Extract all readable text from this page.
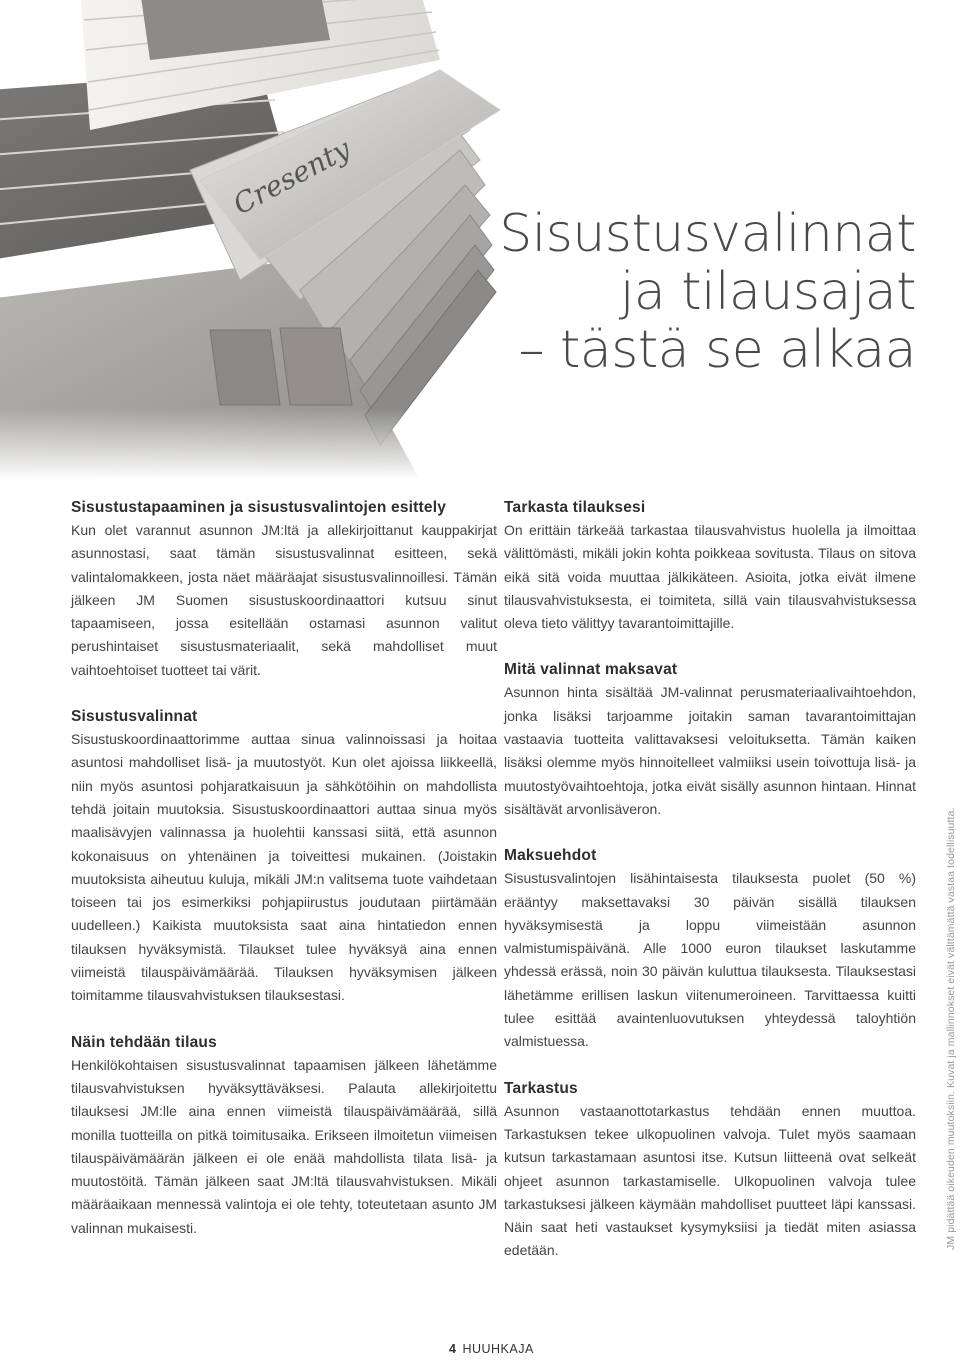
Sisustusvalinnat
ja tilausajat
– tästä se alkaa
Sisustustapaaminen ja sisustusvalintojen esittely

Kun olet varannut asunnon JM:ltä ja allekirjoittanut kauppakirjat asunnostasi, saat tämän sisustusvalinnat esitteen, sekä valintalomakkeen, josta näet määräajat sisustusvalinnoillesi. Tämän jälkeen JM Suomen sisustuskoordinaattori kutsuu sinut tapaamiseen, jossa esitellään ostamasi asunnon valitut perushintaiset sisustusmateriaalit, sekä mahdolliset muut vaihtoehtoiset tuotteet tai värit.

Sisustusvalinnat

Sisustuskoordinaattorimme auttaa sinua valinnoissasi ja hoitaa asuntosi mahdolliset lisä- ja muutostyöt. Kun olet ajoissa liikkeellä, niin myös asuntosi pohjaratkaisuun ja sähkötöihin on mahdollista tehdä joitain muutoksia. Sisustuskoordinaattori auttaa sinua myös maalisävyjen valinnassa ja huolehtii kanssasi siitä, että asunnon kokonaisuus on yhtenäinen ja toiveittesi mukainen. (Joistakin muutoksista aiheutuu kuluja, mikäli JM:n valitsema tuote vaihdetaan toiseen tai jos esimerkiksi pohjapiirustus joudutaan piirtämään uudelleen.) Kaikista muutoksista saat aina hintatiedon ennen tilauksen hyväksymistä. Tilaukset tulee hyväksyä aina ennen viimeistä tilauspäivämäärää. Tilauksen hyväksymisen jälkeen toimitamme tilausvahvistuksen tilauksestasi.

Näin tehdään tilaus

Henkilökohtaisen sisustusvalinnat tapaamisen jälkeen lähetämme tilausvahvistuksen hyväksyttäväksesi. Palauta allekirjoitettu tilauksesi JM:lle aina ennen viimeistä tilauspäivämäärää, sillä monilla tuotteilla on pitkä toimitusaika. Erikseen ilmoitetun viimeisen tilauspäivämäärän jälkeen ei ole enää mahdollista tilata lisä- ja muutostöitä. Tämän jälkeen saat JM:ltä tilausvahvistuksen. Mikäli määräaikaan mennessä valintoja ei ole tehty, toteutetaan asunto JM valinnan mukaisesti.

Tarkasta tilauksesi

On erittäin tärkeää tarkastaa tilausvahvistus huolella ja ilmoittaa välittömästi, mikäli jokin kohta poikkeaa sovitusta. Tilaus on sitova eikä sitä voida muuttaa jälkikäteen. Asioita, jotka eivät ilmene tilausvahvistuksesta, ei toimiteta, sillä vain tilausvahvistuksessa oleva tieto välittyy tavarantoimittajille.

Mitä valinnat maksavat

Asunnon hinta sisältää JM-valinnat perusmateriaalivaihtoehdon, jonka lisäksi tarjoamme joitakin saman tavarantoimittajan vastaavia tuotteita valittavaksesi veloituksetta. Tämän kaiken lisäksi olemme myös hinnoitelleet valmiiksi usein toivottuja lisä- ja muutostyövaihtoehtoja, jotka eivät sisälly asunnon hintaan. Hinnat sisältävät arvonlisäveron.

Maksuehdot

Sisustusvalintojen lisähintaisesta tilauksesta puolet (50 %) erääntyy maksettavaksi 30 päivän sisällä tilauksen hyväksymisestä ja loppu viimeistään asunnon valmistumispäivänä. Alle 1000 euron tilaukset laskutamme yhdessä erässä, noin 30 päivän kuluttua tilauksesta. Tilauksestasi lähetämme erillisen laskun viitenumeroineen. Tarvittaessa kuitti tulee esittää avaintenluovutuksen yhteydessä taloyhtiön valmistuessa.

Tarkastus

Asunnon vastaanottotarkastus tehdään ennen muuttoa. Tarkastuksen tekee ulkopuolinen valvoja. Tulet myös saamaan kutsun tarkastamaan asuntosi itse. Kutsun liitteenä ovat selkeät ohjeet asunnon tarkastamiselle. Ulkopuolinen valvoja tulee tarkastuksesi jälkeen käymään mahdolliset puutteet läpi kanssasi. Näin saat heti vastaukset kysymyksiisi ja tiedät miten asiassa edetään.

JM pidättää oikeuden muutoksiin. Kuvat ja mallinnokset eivät välttämättä vastaa todellisuutta.
4 HUUHKAJA
